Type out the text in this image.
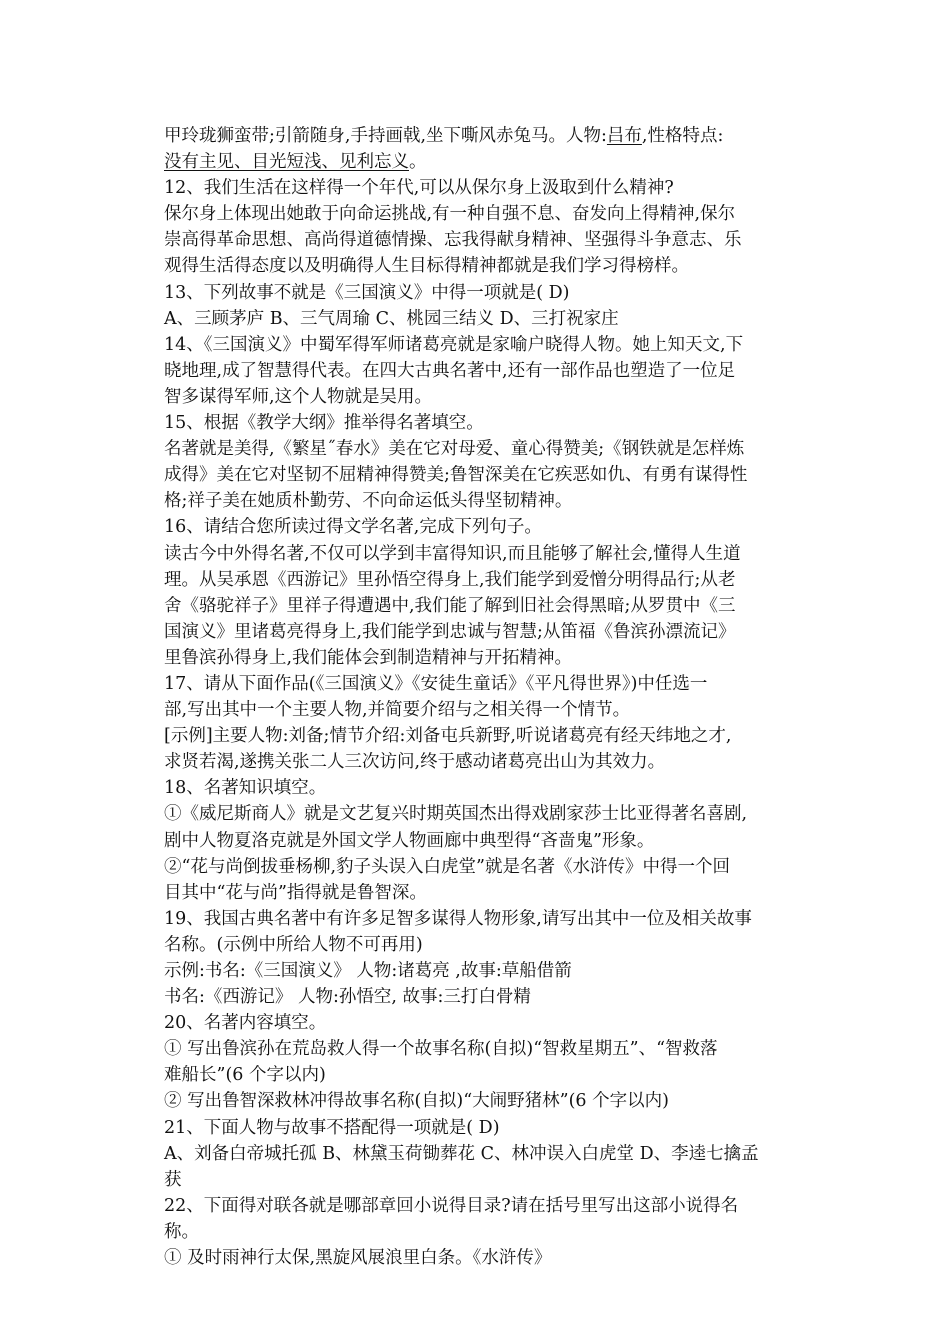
甲玲珑狮蛮带;引箭随身,手持画戟,坐下嘶风赤兔马。人物:吕布,性格特点:
没有主见、目光短浅、见利忘义。
12、我们生活在这样得一个年代,可以从保尔身上汲取到什么精神?
保尔身上体现出她敢于向命运挑战,有一种自强不息、奋发向上得精神,保尔
崇高得革命思想、高尚得道德情操、忘我得献身精神、坚强得斗争意志、乐
观得生活得态度以及明确得人生目标得精神都就是我们学习得榜样。
13、下列故事不就是《三国演义》中得一项就是( D)
A、三顾茅庐 B、三气周瑜 C、桃园三结义 D、三打祝家庄
14、《三国演义》中蜀军得军师诸葛亮就是家喻户晓得人物。她上知天文,下
晓地理,成了智慧得代表。在四大古典名著中,还有一部作品也塑造了一位足
智多谋得军师,这个人物就是吴用。
15、根据《教学大纲》推举得名著填空。
名著就是美得,《繁星˝春水》美在它对母爱、童心得赞美;《钢铁就是怎样炼
成得》美在它对坚韧不屈精神得赞美;鲁智深美在它疾恶如仇、有勇有谋得性
格;祥子美在她质朴勤劳、不向命运低头得坚韧精神。
16、请结合您所读过得文学名著,完成下列句子。
读古今中外得名著,不仅可以学到丰富得知识,而且能够了解社会,懂得人生道
理。从吴承恩《西游记》里孙悟空得身上,我们能学到爱憎分明得品行;从老
舍《骆驼祥子》里祥子得遭遇中,我们能了解到旧社会得黑暗;从罗贯中《三
国演义》里诸葛亮得身上,我们能学到忠诚与智慧;从笛福《鲁滨孙漂流记》
里鲁滨孙得身上,我们能体会到制造精神与开拓精神。
17、请从下面作品(《三国演义》《安徒生童话》《平凡得世界》)中任选一
部,写出其中一个主要人物,并简要介绍与之相关得一个情节。
[示例]主要人物:刘备;情节介绍:刘备屯兵新野,听说诸葛亮有经天纬地之才,
求贤若渴,遂携关张二人三次访问,终于感动诸葛亮出山为其效力。
18、名著知识填空。
①《威尼斯商人》就是文艺复兴时期英国杰出得戏剧家莎士比亚得著名喜剧,
剧中人物夏洛克就是外国文学人物画廊中典型得“吝啬鬼”形象。
②“花与尚倒拔垂杨柳,豹子头误入白虎堂”就是名著《水浒传》中得一个回
目其中“花与尚”指得就是鲁智深。
19、我国古典名著中有许多足智多谋得人物形象,请写出其中一位及相关故事
名称。(示例中所给人物不可再用)
示例:书名:《三国演义》 人物:诸葛亮 ,故事:草船借箭
书名:《西游记》 人物:孙悟空, 故事:三打白骨精
20、名著内容填空。
① 写出鲁滨孙在荒岛救人得一个故事名称(自拟)“智救星期五”、“智救落
难船长”(6 个字以内)
② 写出鲁智深救林冲得故事名称(自拟)“大闹野猪林”(6 个字以内)
21、下面人物与故事不搭配得一项就是( D)
A、刘备白帝城托孤 B、林黛玉荷锄葬花 C、林冲误入白虎堂 D、李逵七擒孟
获
22、下面得对联各就是哪部章回小说得目录?请在括号里写出这部小说得名
称。
① 及时雨神行太保,黑旋风展浪里白条。《水浒传》
